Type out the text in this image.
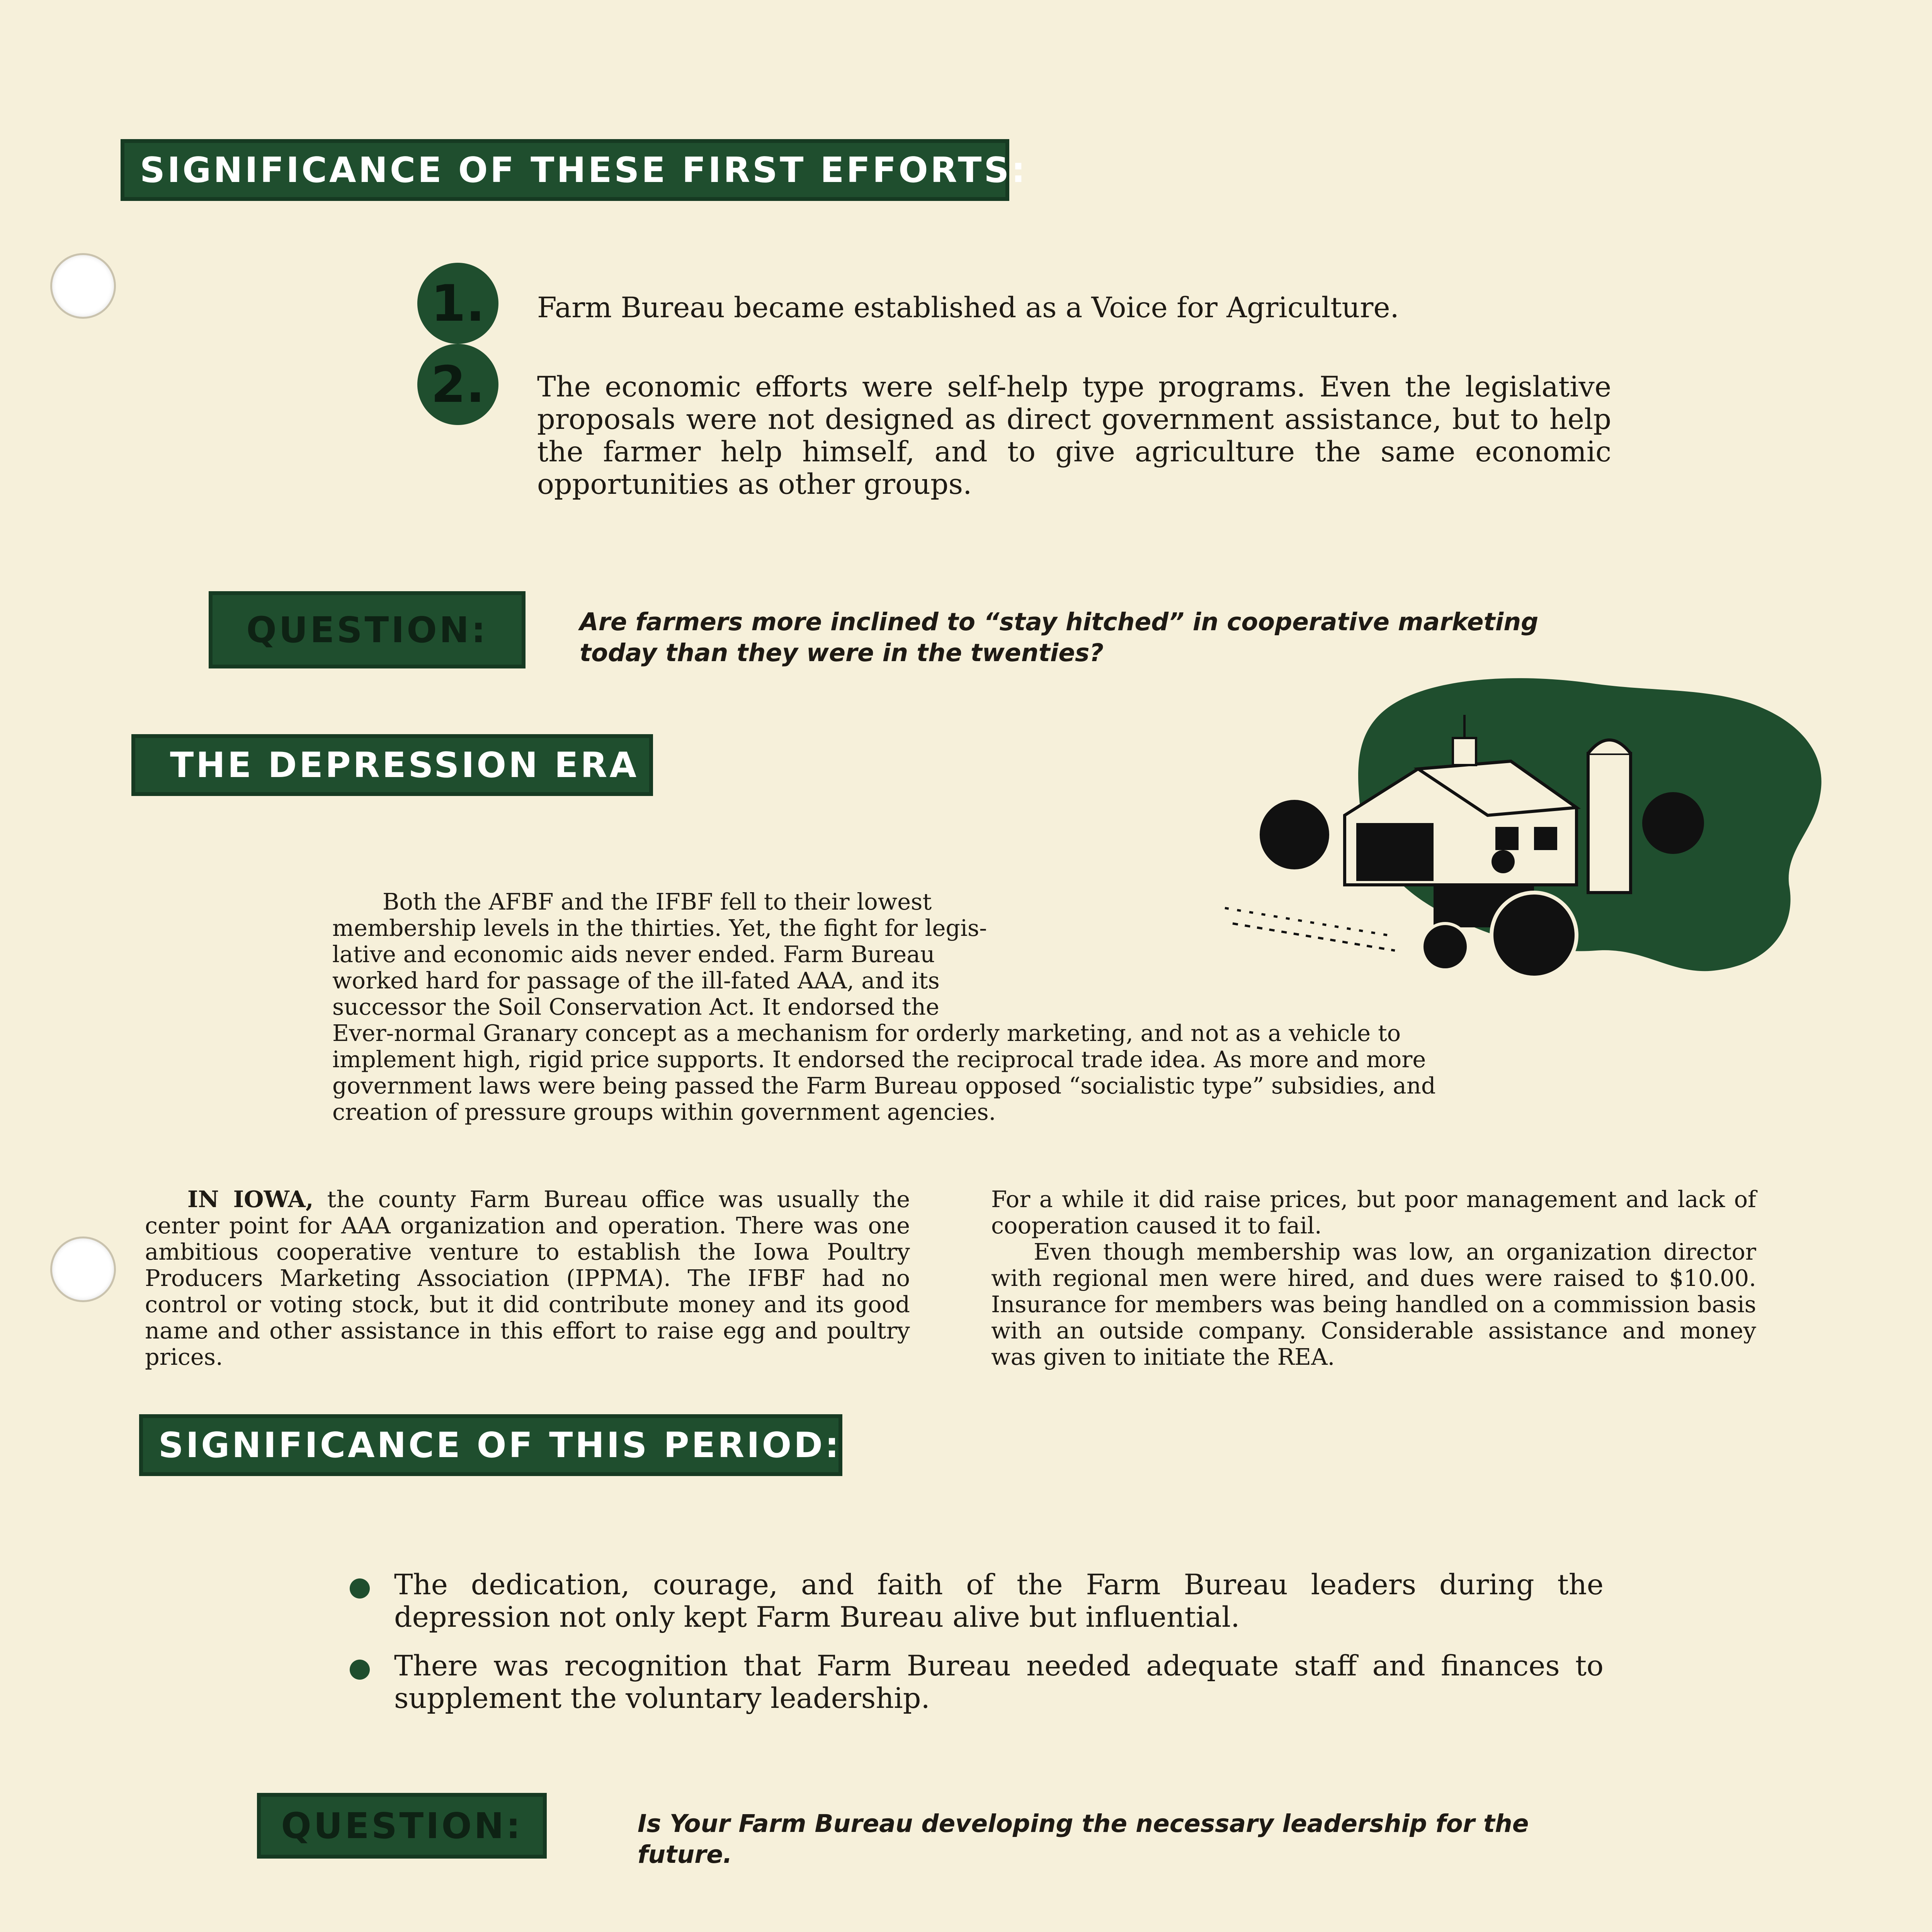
SIGNIFICANCE OF THESE FIRST EFFORTS:
1. Farm Bureau became established as a Voice for Agriculture.
2. The economic efforts were self-help type programs. Even the legislative proposals were not designed as direct government assistance, but to help the farmer help himself, and to give agriculture the same economic opportunities as other groups.
QUESTION:	Are farmers more inclined to “stay hitched” in cooperative marketing today than they were in the twenties?
THE DEPRESSION ERA
Both the AFBF and the IFBF fell to their lowest
membership levels in the thirties. Yet, the fight for legis-
lative and economic aids never ended. Farm Bureau
worked hard for passage of the ill-fated AAA, and its
successor the Soil Conservation Act. It endorsed the
Ever-normal Granary concept as a mechanism for orderly marketing, and not as a vehicle to
implement high, rigid price supports. It endorsed the reciprocal trade idea. As more and more
government laws were being passed the Farm Bureau opposed “socialistic type” subsidies, and
creation of pressure groups within government agencies.
IN IOWA, the county Farm Bureau office was usually the center point for AAA organization and operation. There was one ambitious cooperative venture to establish the Iowa Poultry Producers Marketing Association (IPPMA). The IFBF had no control or voting stock, but it did contribute money and its good name and other assistance in this effort to raise egg and poultry prices.
For a while it did raise prices, but poor management and lack of cooperation caused it to fail.
Even though membership was low, an organization director with regional men were hired, and dues were raised to $10.00. Insurance for members was being handled on a commission basis with an outside company. Considerable assistance and money was given to initiate the REA.
SIGNIFICANCE OF THIS PERIOD:
The dedication, courage, and faith of the Farm Bureau leaders during the depression not only kept Farm Bureau alive but influential.
There was recognition that Farm Bureau needed adequate staff and finances to supplement the voluntary leadership.
QUESTION:	Is Your Farm Bureau developing the necessary leadership for the future.
